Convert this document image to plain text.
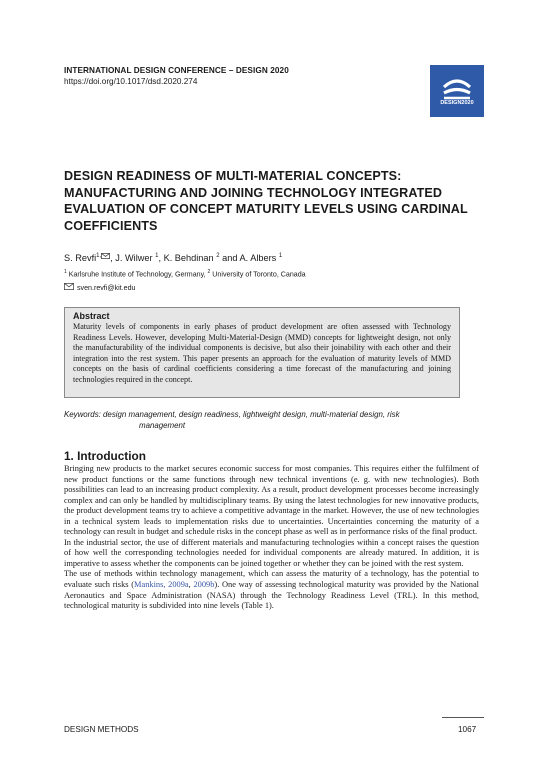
INTERNATIONAL DESIGN CONFERENCE – DESIGN 2020
https://doi.org/10.1017/dsd.2020.274
DESIGN2020
DESIGN READINESS OF MULTI-MATERIAL CONCEPTS: MANUFACTURING AND JOINING TECHNOLOGY INTEGRATED EVALUATION OF CONCEPT MATURITY LEVELS USING CARDINAL COEFFICIENTS
S. Revfi$^{1,}$ , J. Wilwer $^1$, K. Behdinan $^2$ and A. Albers $^1$
$^1$ Karlsruhe Institute of Technology, Germany, $^2$ University of Toronto, Canada
sven.revfi@kit.edu
Abstract
Maturity levels of components in early phases of product development are often assessed with Technology Readiness Levels. However, developing Multi-Material-Design (MMD) concepts for lightweight design, not only the manufacturability of the individual components is decisive, but also their joinability with each other and their integration into the rest system. This paper presents an approach for the evaluation of maturity levels of MMD concepts on the basis of cardinal coefficients considering a time forecast of the manufacturing and joining technologies required in the concept.
Keywords: design management, design readiness, lightweight design, multi-material design, risk
management
1. Introduction

Bringing new products to the market secures economic success for most companies. This requires either the fulfilment of new product functions or the same functions through new technical inventions (e. g. with new technologies). Both possibilities can lead to an increasing product complexity. As a result, product development processes become increasingly complex and can only be handled by multidisciplinary teams. By using the latest technologies for new innovative products, the product development teams try to achieve a competitive advantage in the market. However, the use of new technologies in a technical system leads to implementation risks due to uncertainties. Uncertainties concerning the maturity of a technology can result in budget and schedule risks in the concept phase as well as in performance risks of the final product.

In the industrial sector, the use of different materials and manufacturing technologies within a concept raises the question of how well the corresponding technologies needed for individual components are already matured. In addition, it is imperative to assess whether the components can be joined together or whether they can be joined with the rest system.

The use of methods within technology management, which can assess the maturity of a technology, has the potential to evaluate such risks (Mankins, 2009a, 2009b). One way of assessing technological maturity was provided by the National Aeronautics and Space Administration (NASA) through the Technology Readiness Level (TRL). In this method, technological maturity is subdivided into nine levels (Table 1).

DESIGN METHODS	1067
